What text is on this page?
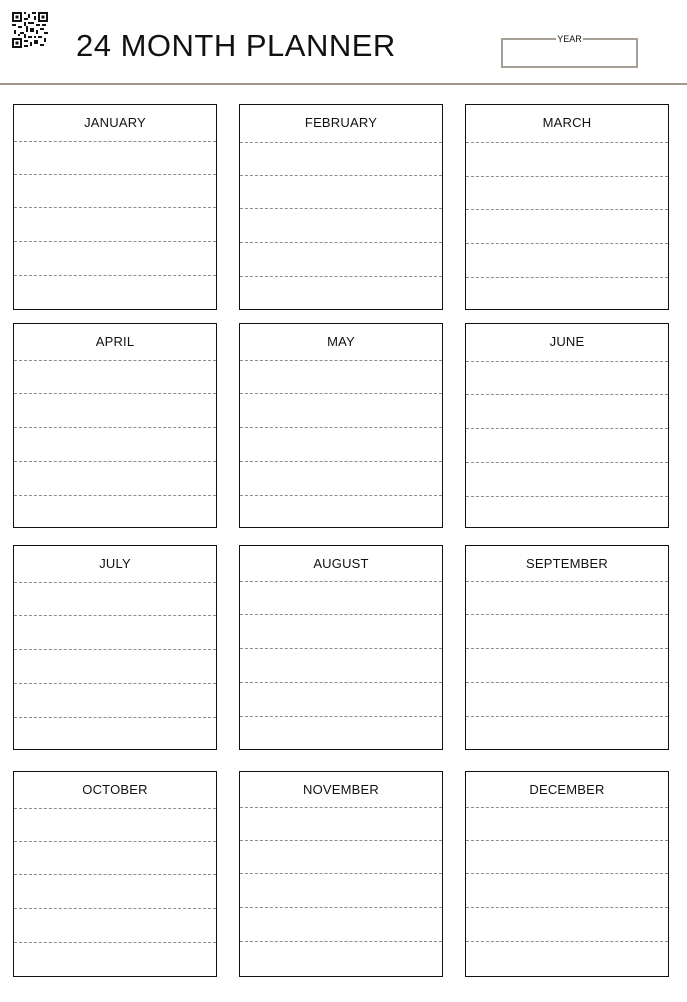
24 MONTH PLANNER	YEAR
JANUARY	FEBRUARY	MARCH
APRIL	MAY	JUNE
JULY	AUGUST	SEPTEMBER
OCTOBER	NOVEMBER	DECEMBER
